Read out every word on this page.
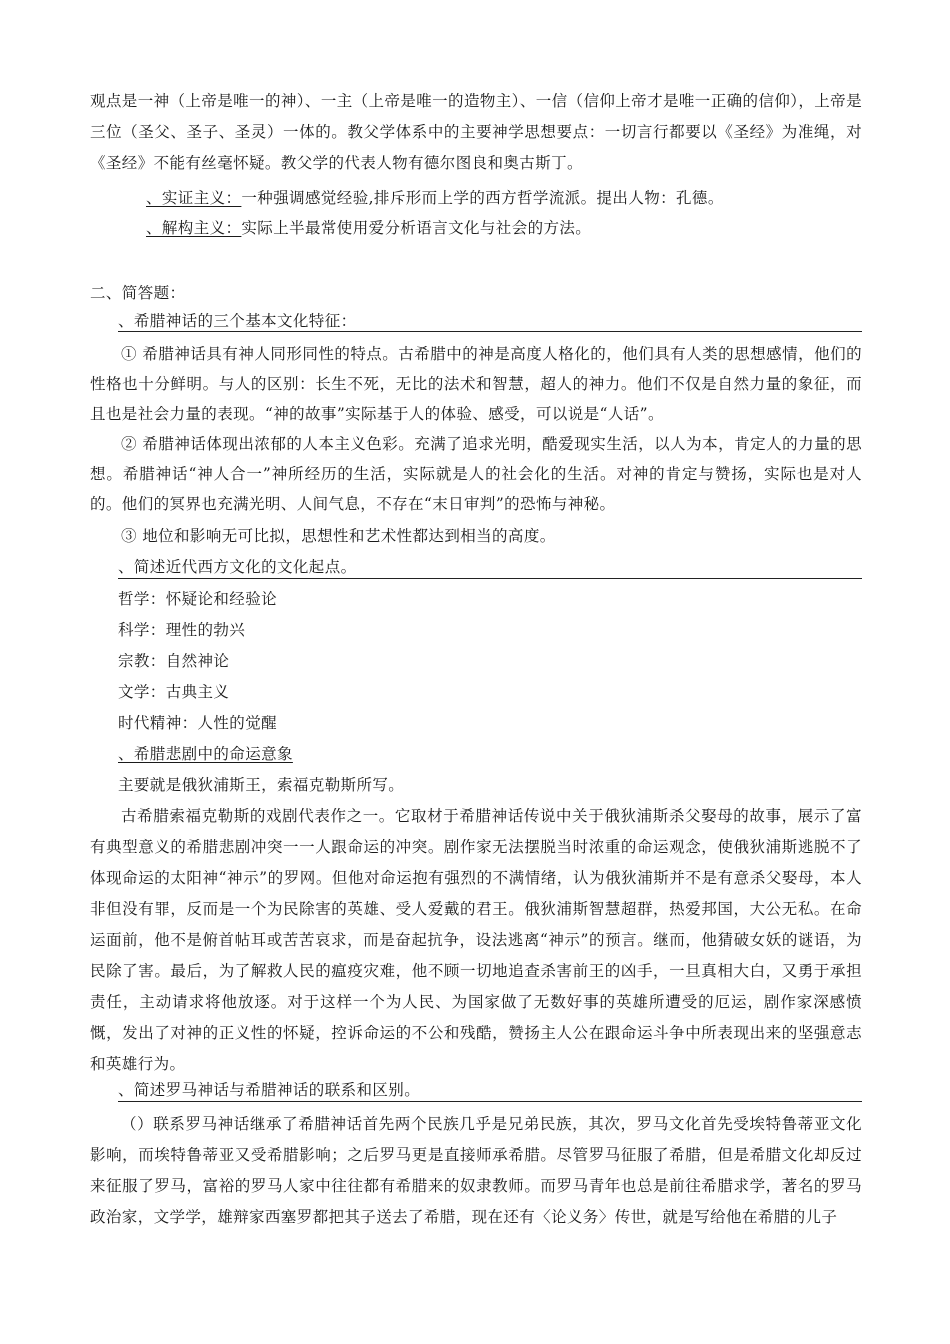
观点是一神（上帝是唯一的神）、一主（上帝是唯一的造物主）、一信（信仰上帝才是唯一正确的信仰），上帝是三位（圣父、圣子、圣灵）一体的。教父学体系中的主要神学思想要点：一切言行都要以《圣经》为准绳，对《圣经》不能有丝毫怀疑。教父学的代表人物有德尔图良和奥古斯丁。

、实证主义：一种强调感觉经验,排斥形而上学的西方哲学流派。提出人物：孔德。

、解构主义：实际上半最常使用爱分析语言文化与社会的方法。

二、简答题：

、希腊神话的三个基本文化特征：

① 希腊神话具有神人同形同性的特点。古希腊中的神是高度人格化的，他们具有人类的思想感情，他们的性格也十分鲜明。与人的区别：长生不死，无比的法术和智慧，超人的神力。他们不仅是自然力量的象征，而且也是社会力量的表现。“神的故事”实际基于人的体验、感受，可以说是“人话”。

② 希腊神话体现出浓郁的人本主义色彩。充满了追求光明，酷爱现实生活，以人为本，肯定人的力量的思想。希腊神话“神人合一”神所经历的生活，实际就是人的社会化的生活。对神的肯定与赞扬，实际也是对人的。他们的冥界也充满光明、人间气息，不存在“末日审判”的恐怖与神秘。

③ 地位和影响无可比拟，思想性和艺术性都达到相当的高度。

、简述近代西方文化的文化起点。

哲学：怀疑论和经验论

科学：理性的勃兴

宗教：自然神论

文学：古典主义

时代精神：人性的觉醒

、希腊悲剧中的命运意象

主要就是俄狄浦斯王，索福克勒斯所写。

古希腊索福克勒斯的戏剧代表作之一。它取材于希腊神话传说中关于俄狄浦斯杀父娶母的故事，展示了富有典型意义的希腊悲剧冲突一一人跟命运的冲突。剧作家无法摆脱当时浓重的命运观念，使俄狄浦斯逃脱不了体现命运的太阳神“神示”的罗网。但他对命运抱有强烈的不满情绪，认为俄狄浦斯并不是有意杀父娶母，本人非但没有罪，反而是一个为民除害的英雄、受人爱戴的君王。俄狄浦斯智慧超群，热爱邦国，大公无私。在命运面前，他不是俯首帖耳或苦苦哀求，而是奋起抗争，设法逃离“神示”的预言。继而，他猜破女妖的谜语，为民除了害。最后，为了解救人民的瘟疫灾难，他不顾一切地追查杀害前王的凶手，一旦真相大白，又勇于承担责任，主动请求将他放逐。对于这样一个为人民、为国家做了无数好事的英雄所遭受的厄运，剧作家深感愤慨，发出了对神的正义性的怀疑，控诉命运的不公和残酷，赞扬主人公在跟命运斗争中所表现出来的坚强意志和英雄行为。

、简述罗马神话与希腊神话的联系和区别。

（）联系罗马神话继承了希腊神话首先两个民族几乎是兄弟民族，其次，罗马文化首先受埃特鲁蒂亚文化影响，而埃特鲁蒂亚又受希腊影响；之后罗马更是直接师承希腊。尽管罗马征服了希腊，但是希腊文化却反过来征服了罗马，富裕的罗马人家中往往都有希腊来的奴隶教师。而罗马青年也总是前往希腊求学，著名的罗马政治家，文学学，雄辩家西塞罗都把其子送去了希腊，现在还有〈论义务〉传世，就是写给他在希腊的儿子
